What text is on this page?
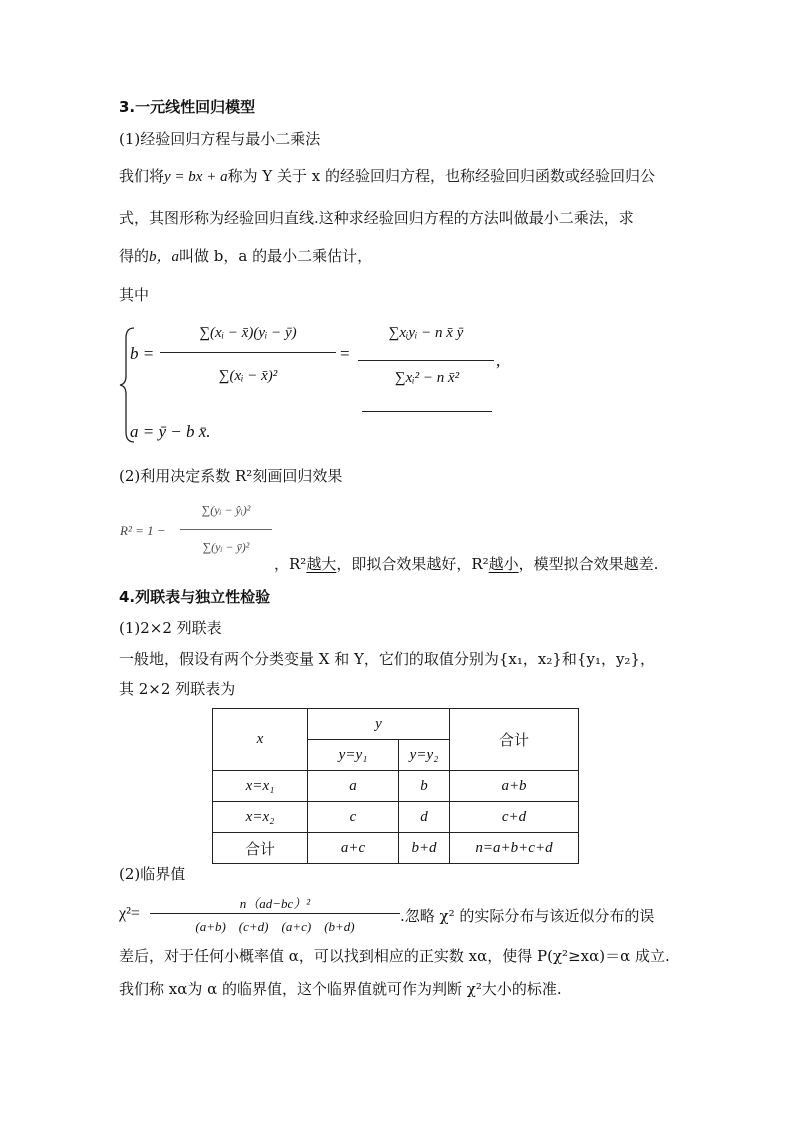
3.一元线性回归模型
(1)经验回归方程与最小二乘法
我们将y = bx + a称为 Y 关于 x 的经验回归方程，也称经验回归函数或经验回归公
式，其图形称为经验回归直线.这种求经验回归方程的方法叫做最小二乘法，求
得的b，a叫做 b，a 的最小二乘估计，
其中
b =
∑(xᵢ − x̄)(yᵢ − ȳ)
∑(xᵢ − x̄)²
=
∑xᵢyᵢ − n x̄ ȳ
∑xᵢ² − n x̄²
,
a = ȳ − b x̄.
(2)利用决定系数 R²刻画回归效果
R² = 1 −
∑(yᵢ − ŷᵢ)²
∑(yᵢ − ȳ)²
，R²越大，即拟合效果越好，R²越小，模型拟合效果越差.
4.列联表与独立性检验
(1)2×2 列联表
一般地，假设有两个分类变量 X 和 Y，它们的取值分别为{x₁，x₂}和{y₁，y₂}，
其 2×2 列联表为
x	y		合计
	y=y₁	y=y₂	
x=x₁	a	b	a+b
x=x₂	c	d	c+d
合计	a+c	b+d	n=a+b+c+d
(2)临界值
χ²=
n（ad−bc）²
(a+b)　(c+d)　(a+c)　(b+d)
.忽略 χ² 的实际分布与该近似分布的误
差后，对于任何小概率值 α，可以找到相应的正实数 xα，使得 P(χ²≥xα)＝α 成立.
我们称 xα为 α 的临界值，这个临界值就可作为判断 χ²大小的标准.
